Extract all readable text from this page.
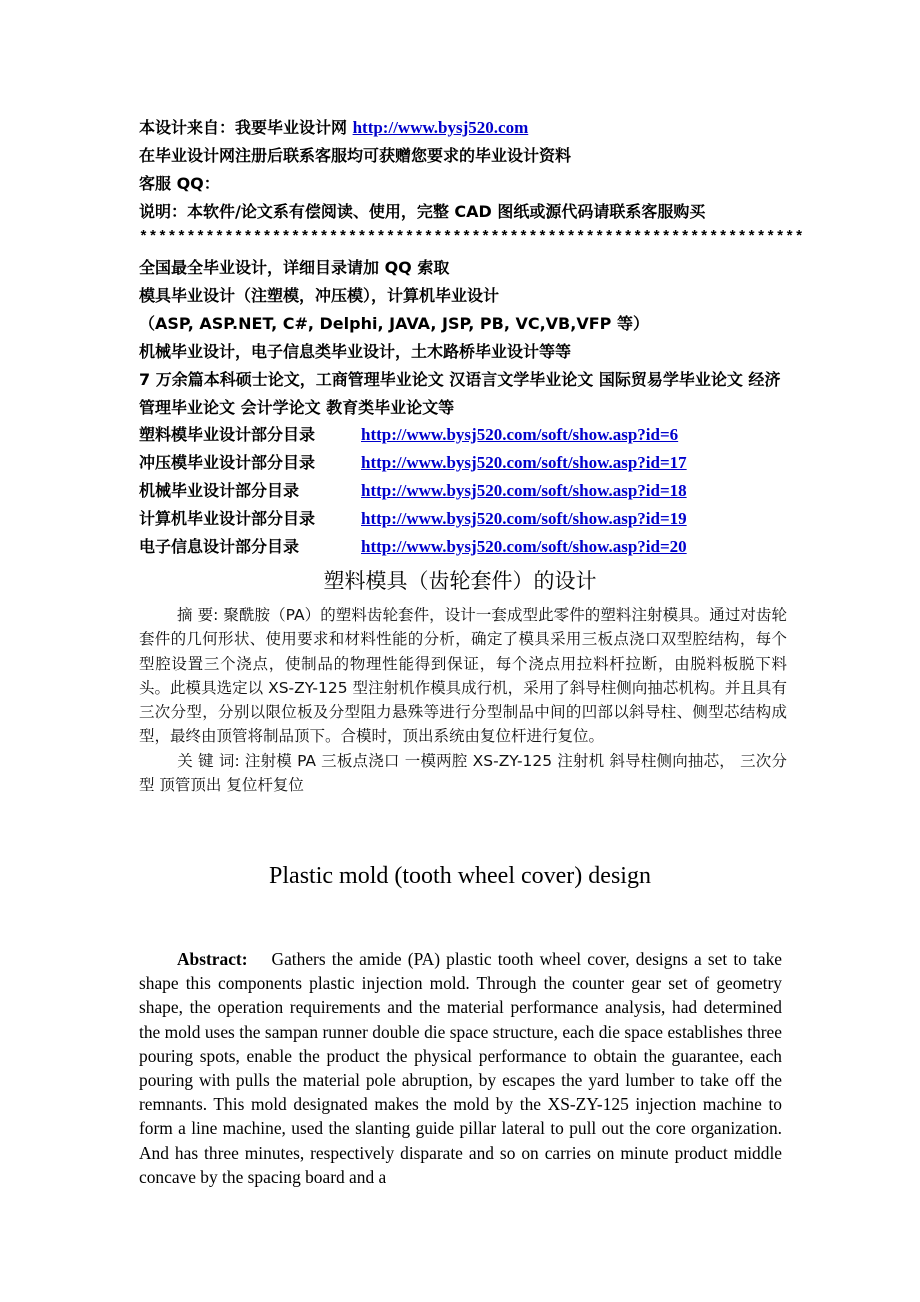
本设计来自：我要毕业设计网 http://www.bysj520.com
在毕业设计网注册后联系客服均可获赠您要求的毕业设计资料
客服 QQ：
说明：本软件/论文系有偿阅读、使用，完整 CAD 图纸或源代码请联系客服购买
**********************************************************************
全国最全毕业设计，详细目录请加 QQ 索取
模具毕业设计（注塑模，冲压模），计算机毕业设计
（ASP, ASP.NET, C#, Delphi, JAVA, JSP, PB, VC,VB,VFP 等）
机械毕业设计，电子信息类毕业设计，土木路桥毕业设计等等
7 万余篇本科硕士论文，工商管理毕业论文 汉语言文学毕业论文 国际贸易学毕业论文 经济管理毕业论文 会计学论文 教育类毕业论文等
塑料模毕业设计部分目录	http://www.bysj520.com/soft/show.asp?id=6
冲压模毕业设计部分目录	http://www.bysj520.com/soft/show.asp?id=17
机械毕业设计部分目录	http://www.bysj520.com/soft/show.asp?id=18
计算机毕业设计部分目录	http://www.bysj520.com/soft/show.asp?id=19
电子信息设计部分目录	http://www.bysj520.com/soft/show.asp?id=20
塑料模具（齿轮套件）的设计
摘 要: 聚酰胺（PA）的塑料齿轮套件，设计一套成型此零件的塑料注射模具。通过对齿轮套件的几何形状、使用要求和材料性能的分析，确定了模具采用三板点浇口双型腔结构，每个型腔设置三个浇点，使制品的物理性能得到保证，每个浇点用拉料杆拉断，由脱料板脱下料头。此模具选定以 XS-ZY-125 型注射机作模具成行机，采用了斜导柱侧向抽芯机构。并且具有三次分型，分别以限位板及分型阻力悬殊等进行分型制品中间的凹部以斜导柱、侧型芯结构成型，最终由顶管将制品顶下。合模时，顶出系统由复位杆进行复位。
关 键 词: 注射模 PA 三板点浇口 一模两腔 XS-ZY-125 注射机 斜导柱侧向抽芯， 三次分型 顶管顶出 复位杆复位
Plastic mold (tooth wheel cover) design
Abstract: Gathers the amide (PA) plastic tooth wheel cover, designs a set to take shape this components plastic injection mold. Through the counter gear set of geometry shape, the operation requirements and the material performance analysis, had determined the mold uses the sampan runner double die space structure, each die space establishes three pouring spots, enable the product the physical performance to obtain the guarantee, each pouring with pulls the material pole abruption, by escapes the yard lumber to take off the remnants. This mold designated makes the mold by the XS-ZY-125 injection machine to form a line machine, used the slanting guide pillar lateral to pull out the core organization. And has three minutes, respectively disparate and so on carries on minute product middle concave by the spacing board and a
